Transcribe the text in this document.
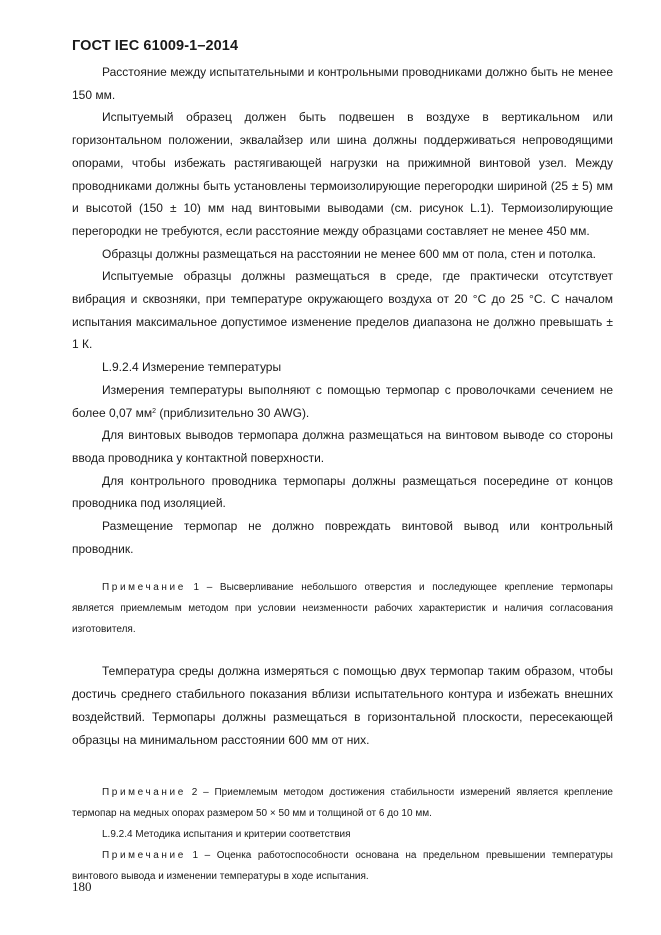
ГОСТ IEC 61009-1–2014

Расстояние между испытательными и контрольными проводниками должно быть не менее 150 мм.

Испытуемый образец должен быть подвешен в воздухе в вертикальном или горизонтальном положении, эквалайзер или шина должны поддерживаться непроводящими опорами, чтобы избежать растягивающей нагрузки на прижимной винтовой узел. Между проводниками должны быть установлены термоизолирующие перегородки шириной (25 ± 5) мм и высотой (150 ± 10) мм над винтовыми выводами (см. рисунок L.1). Термоизолирующие перегородки не требуются, если расстояние между образцами составляет не менее 450 мм.

Образцы должны размещаться на расстоянии не менее 600 мм от пола, стен и потолка.

Испытуемые образцы должны размещаться в среде, где практически отсутствует вибрация и сквозняки, при температуре окружающего воздуха от 20 °С до 25 °С. С началом испытания максимальное допустимое изменение пределов диапазона не должно превышать ± 1 К.

L.9.2.4 Измерение температуры

Измерения температуры выполняют с помощью термопар с проволочками сечением не более 0,07 $мм^2$ (приблизительно 30 AWG).

Для винтовых выводов термопара должна размещаться на винтовом выводе со стороны ввода проводника у контактной поверхности.

Для контрольного проводника термопары должны размещаться посередине от концов проводника под изоляцией.

Размещение термопар не должно повреждать винтовой вывод или контрольный проводник.

Примечание 1 – Высверливание небольшого отверстия и последующее крепление термопары является приемлемым методом при условии неизменности рабочих характеристик и наличия согласования изготовителя.

Температура среды должна измеряться с помощью двух термопар таким образом, чтобы достичь среднего стабильного показания вблизи испытательного контура и избежать внешних воздействий. Термопары должны размещаться в горизонтальной плоскости, пересекающей образцы на минимальном расстоянии 600 мм от них.

Примечание 2 – Приемлемым методом достижения стабильности измерений является крепление термопар на медных опорах размером 50 × 50 мм и толщиной от 6 до 10 мм.

L.9.2.4 Методика испытания и критерии соответствия

Примечание 1 – Оценка работоспособности основана на предельном превышении температуры винтового вывода и изменении температуры в ходе испытания.

180
